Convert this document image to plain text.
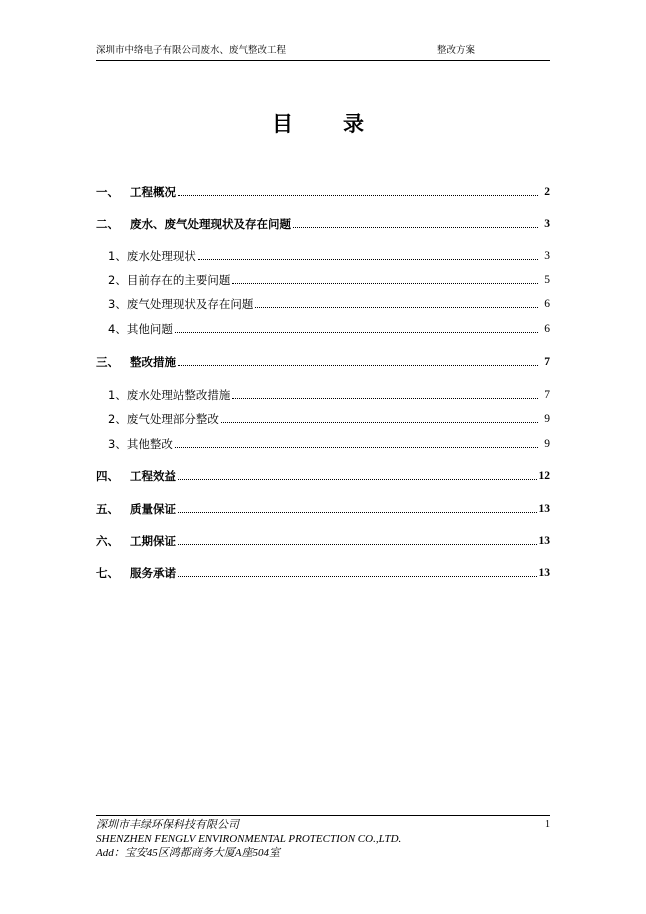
深圳市中络电子有限公司废水、废气整改工程	整改方案
目 录
一、 工程概况	2
二、 废水、废气处理现状及存在问题	3
1、 废水处理现状	3
2、 目前存在的主要问题	5
3、 废气处理现状及存在问题	6
4、 其他问题	6
三、 整改措施	7
1、 废水处理站整改措施	7
2、 废气处理部分整改	9
3、 其他整改	9
四、 工程效益	12
五、 质量保证	13
六、 工期保证	13
七、 服务承诺	13
深圳市丰绿环保科技有限公司
SHENZHEN FENGLV ENVIRONMENTAL PROTECTION CO.,LTD.
Add：宝安45区鸿都商务大厦A座504室
1
